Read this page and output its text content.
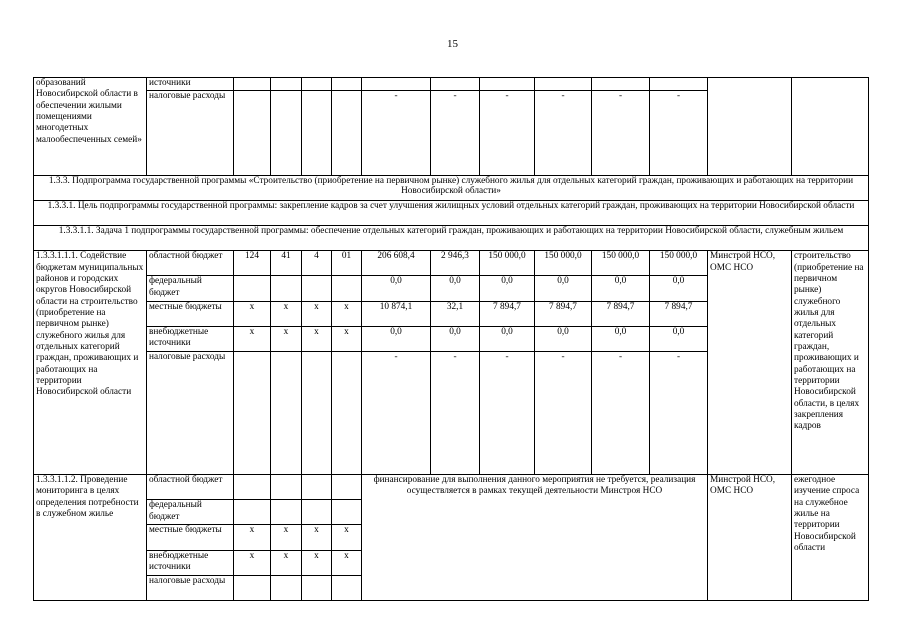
15
образований Новосибирской области в обеспечении жилыми помещениями многодетных малообеспеченных семей»	источники												
	налоговые расходы					-	-	-	-	-	-		
1.3.3. Подпрограмма государственной программы «Строительство (приобретение на первичном рынке) служебного жилья для отдельных категорий граждан, проживающих и работающих на территории Новосибирской области»													
1.3.3.1. Цель подпрограммы государственной программы: закрепление кадров за счет улучшения жилищных условий отдельных категорий граждан, проживающих на территории Новосибирской области													
1.3.3.1.1. Задача 1 подпрограммы государственной программы: обеспечение отдельных категорий граждан, проживающих и работающих на территории Новосибирской области, служебным жильем													
1.3.3.1.1.1. Содействие бюджетам муниципальных районов и городских округов Новосибирской области на строительство (приобретение на первичном рынке) служебного жилья для отдельных категорий граждан, проживающих и работающих на территории Новосибирской области	областной бюджет	124	41	4	01	206 608,4	2 946,3	150 000,0	150 000,0	150 000,0	150 000,0	Минстрой НСО, ОМС НСО	строительство (приобретение на первичном рынке) служебного жилья для отдельных категорий граждан, проживающих и работающих на территории Новосибирской области, в целях закрепления кадров
	федеральный бюджет					0,0	0,0	0,0	0,0	0,0	0,0		
	местные бюджеты	x	x	x	x	10 874,1	32,1	7 894,7	7 894,7	7 894,7	7 894,7		
	внебюджетные источники	x	x	x	x	0,0	0,0	0,0	0,0	0,0	0,0		
	налоговые расходы					-	-	-	-	-	-		
1.3.3.1.1.2. Проведение мониторинга в целях определения потребности в служебном жилье	областной бюджет					финансирование для выполнения данного мероприятия не требуется, реализация осуществляется в рамках текущей деятельности Минстроя НСО						Минстрой НСО, ОМС НСО	ежегодное изучение спроса на служебное жилье на территории Новосибирской области
	федеральный бюджет												
	местные бюджеты	x	x	x	x								
	внебюджетные источники	x	x	x	x								
	налоговые расходы												
